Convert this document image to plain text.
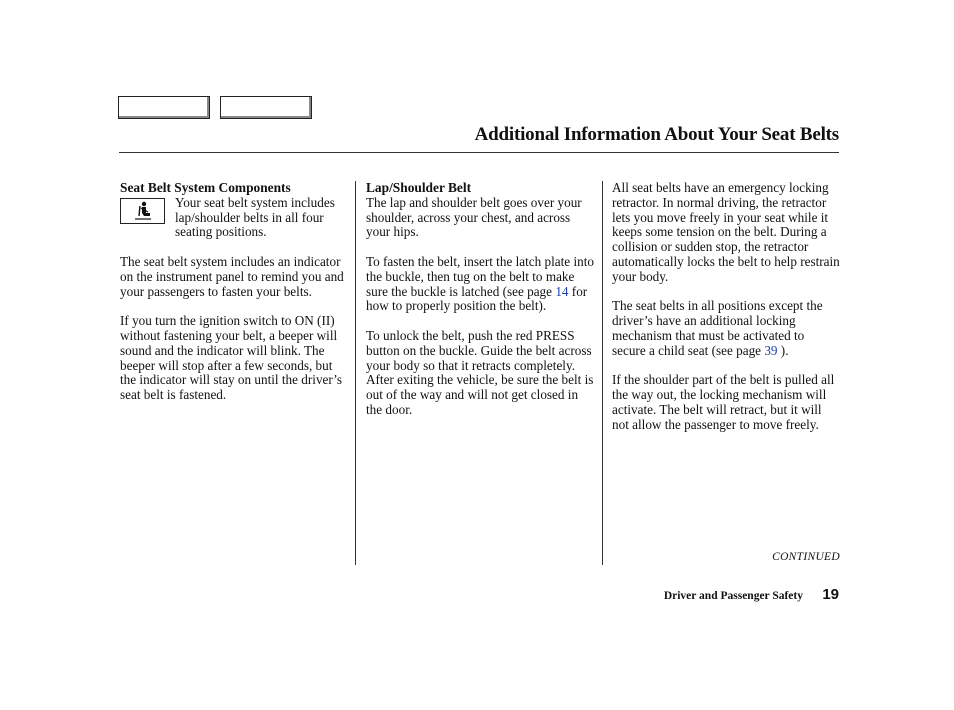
Additional Information About Your Seat Belts
Seat Belt System Components

Your seat belt system includes lap/shoulder belts in all four seating positions.

The seat belt system includes an indicator on the instrument panel to remind you and your passengers to fasten your belts.

If you turn the ignition switch to ON (II) without fastening your belt, a beeper will sound and the indicator will blink. The beeper will stop after a few seconds, but the indicator will stay on until the driver’s seat belt is fastened.

Lap/Shoulder Belt

The lap and shoulder belt goes over your shoulder, across your chest, and across your hips.

To fasten the belt, insert the latch plate into the buckle, then tug on the belt to make sure the buckle is latched (see page 14 for how to properly position the belt).

To unlock the belt, push the red PRESS button on the buckle. Guide the belt across your body so that it retracts completely. After exiting the vehicle, be sure the belt is out of the way and will not get closed in the door.

All seat belts have an emergency locking retractor. In normal driving, the retractor lets you move freely in your seat while it keeps some tension on the belt. During a collision or sudden stop, the retractor automatically locks the belt to help restrain your body.

The seat belts in all positions except the driver’s have an additional locking mechanism that must be activated to secure a child seat (see page 39 ).

If the shoulder part of the belt is pulled all the way out, the locking mechanism will activate. The belt will retract, but it will not allow the passenger to move freely.

CONTINUED
Driver and Passenger Safety 19
